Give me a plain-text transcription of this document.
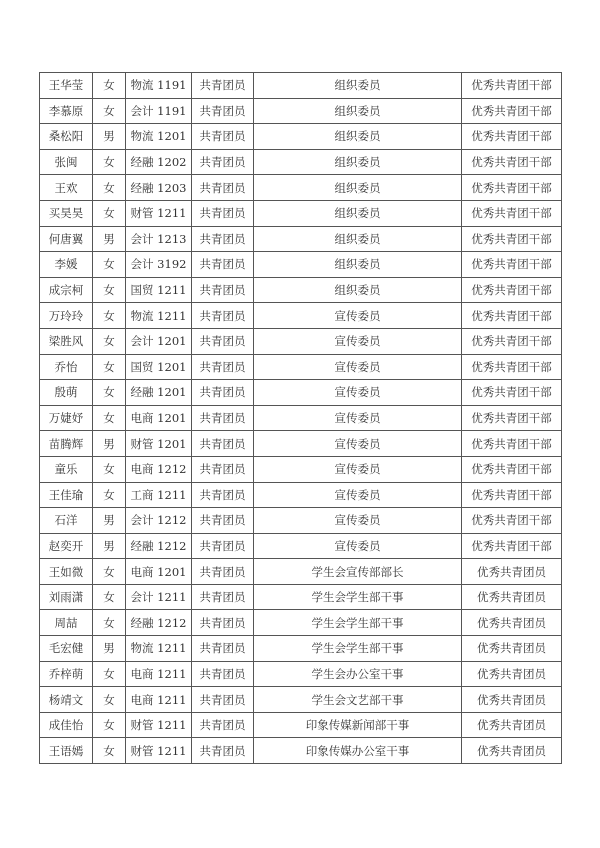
王华莹	女	物流 1191	共青团员	组织委员	优秀共青团干部
李慕原	女	会计 1191	共青团员	组织委员	优秀共青团干部
桑松阳	男	物流 1201	共青团员	组织委员	优秀共青团干部
张闽	女	经融 1202	共青团员	组织委员	优秀共青团干部
王欢	女	经融 1203	共青团员	组织委员	优秀共青团干部
买昊昊	女	财管 1211	共青团员	组织委员	优秀共青团干部
何唐翼	男	会计 1213	共青团员	组织委员	优秀共青团干部
李媛	女	会计 3192	共青团员	组织委员	优秀共青团干部
成宗柯	女	国贸 1211	共青团员	组织委员	优秀共青团干部
万玲玲	女	物流 1211	共青团员	宣传委员	优秀共青团干部
梁胜风	女	会计 1201	共青团员	宣传委员	优秀共青团干部
乔怡	女	国贸 1201	共青团员	宣传委员	优秀共青团干部
殷萌	女	经融 1201	共青团员	宣传委员	优秀共青团干部
万婕妤	女	电商 1201	共青团员	宣传委员	优秀共青团干部
苗腾辉	男	财管 1201	共青团员	宣传委员	优秀共青团干部
童乐	女	电商 1212	共青团员	宣传委员	优秀共青团干部
王佳瑜	女	工商 1211	共青团员	宣传委员	优秀共青团干部
石洋	男	会计 1212	共青团员	宣传委员	优秀共青团干部
赵奕开	男	经融 1212	共青团员	宣传委员	优秀共青团干部
王如微	女	电商 1201	共青团员	学生会宣传部部长	优秀共青团员
刘雨潇	女	会计 1211	共青团员	学生会学生部干事	优秀共青团员
周喆	女	经融 1212	共青团员	学生会学生部干事	优秀共青团员
毛宏健	男	物流 1211	共青团员	学生会学生部干事	优秀共青团员
乔梓萌	女	电商 1211	共青团员	学生会办公室干事	优秀共青团员
杨靖文	女	电商 1211	共青团员	学生会文艺部干事	优秀共青团员
成佳怡	女	财管 1211	共青团员	印象传媒新闻部干事	优秀共青团员
王语嫣	女	财管 1211	共青团员	印象传媒办公室干事	优秀共青团员
